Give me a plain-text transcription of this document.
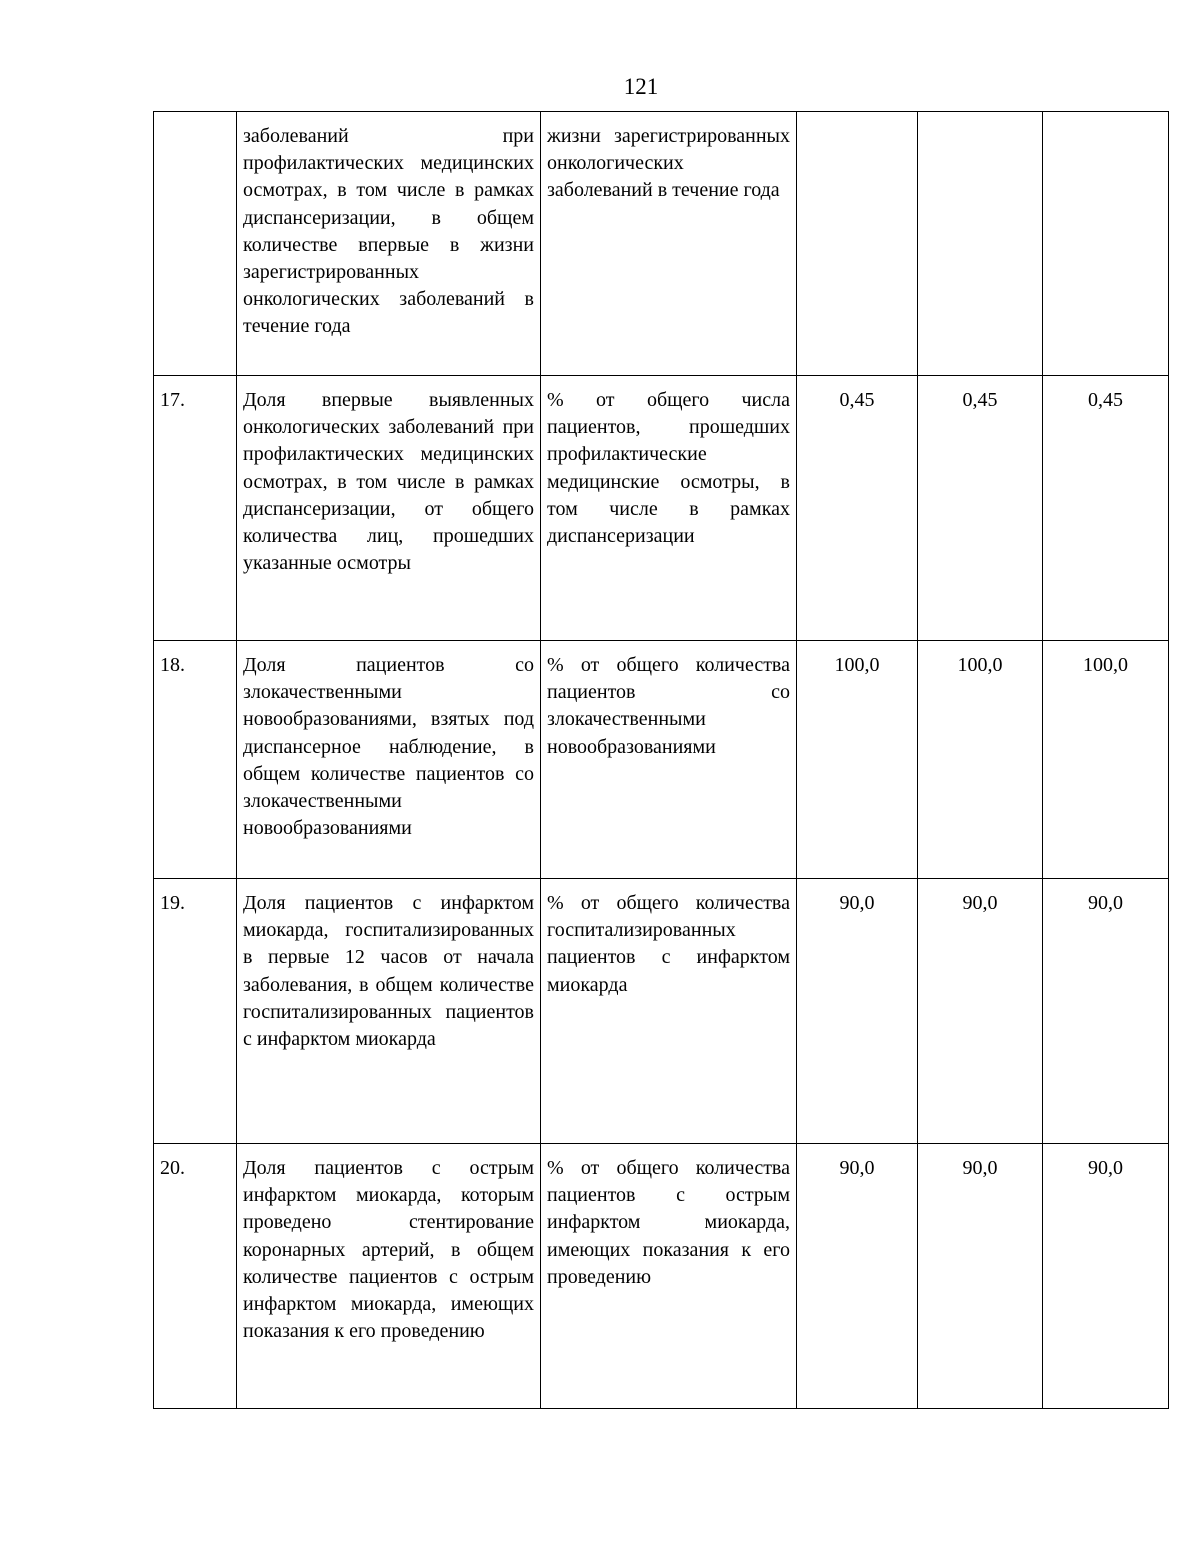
121
	заболеваний при профилактических медицинских осмотрах, в том числе в рамках диспансеризации, в общем количестве впервые в жизни зарегистрированных онкологических заболеваний в течение года	жизни зарегистрированных онкологических заболеваний в течение года			
17.	Доля впервые выявленных онкологических заболеваний при профилактических медицинских осмотрах, в том числе в рамках диспансеризации, от общего количества лиц, прошедших указанные осмотры	% от общего числа пациентов, прошедших профилактические медицинские осмотры, в том числе в рамках диспансеризации	0,45	0,45	0,45
18.	Доля пациентов со злокачественными новообразованиями, взятых под диспансерное наблюдение, в общем количестве пациентов со злокачественными новообразованиями	% от общего количества пациентов со злокачественными новообразованиями	100,0	100,0	100,0
19.	Доля пациентов с инфарктом миокарда, госпитализированных в первые 12 часов от начала заболевания, в общем количестве госпитализированных пациентов с инфарктом миокарда	% от общего количества госпитализированных пациентов с инфарктом миокарда	90,0	90,0	90,0
20.	Доля пациентов с острым инфарктом миокарда, которым проведено стентирование коронарных артерий, в общем количестве пациентов с острым инфарктом миокарда, имеющих показания к его проведению	% от общего количества пациентов с острым инфарктом миокарда, имеющих показания к его проведению	90,0	90,0	90,0
